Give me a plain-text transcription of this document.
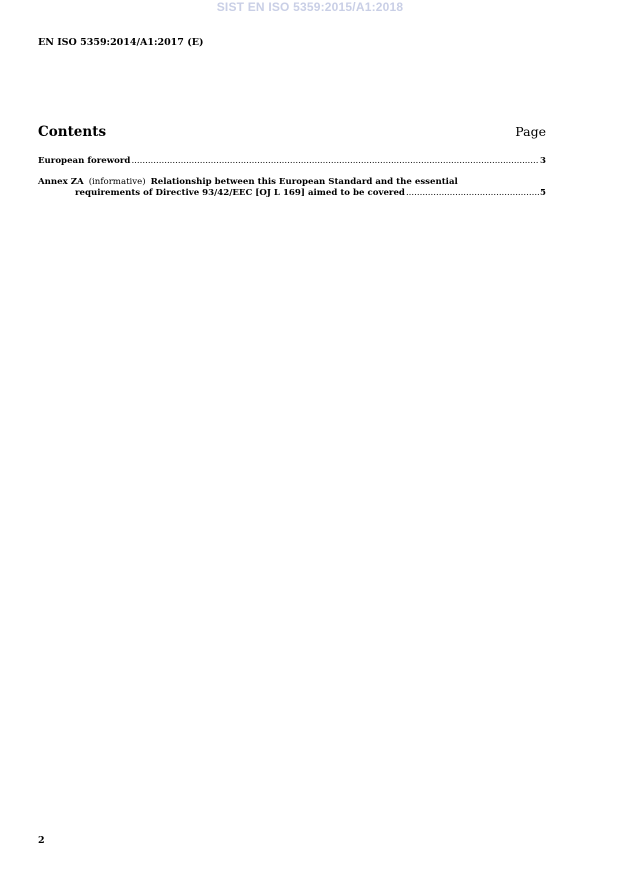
SIST EN ISO 5359:2015/A1:2018
EN ISO 5359:2014/A1:2017 (E)
Contents	Page
European foreword .....	3
Annex ZA (informative) Relationship between this European Standard and the essential
requirements of Directive 93/42/EEC [OJ L 169] aimed to be covered .....	5
2
